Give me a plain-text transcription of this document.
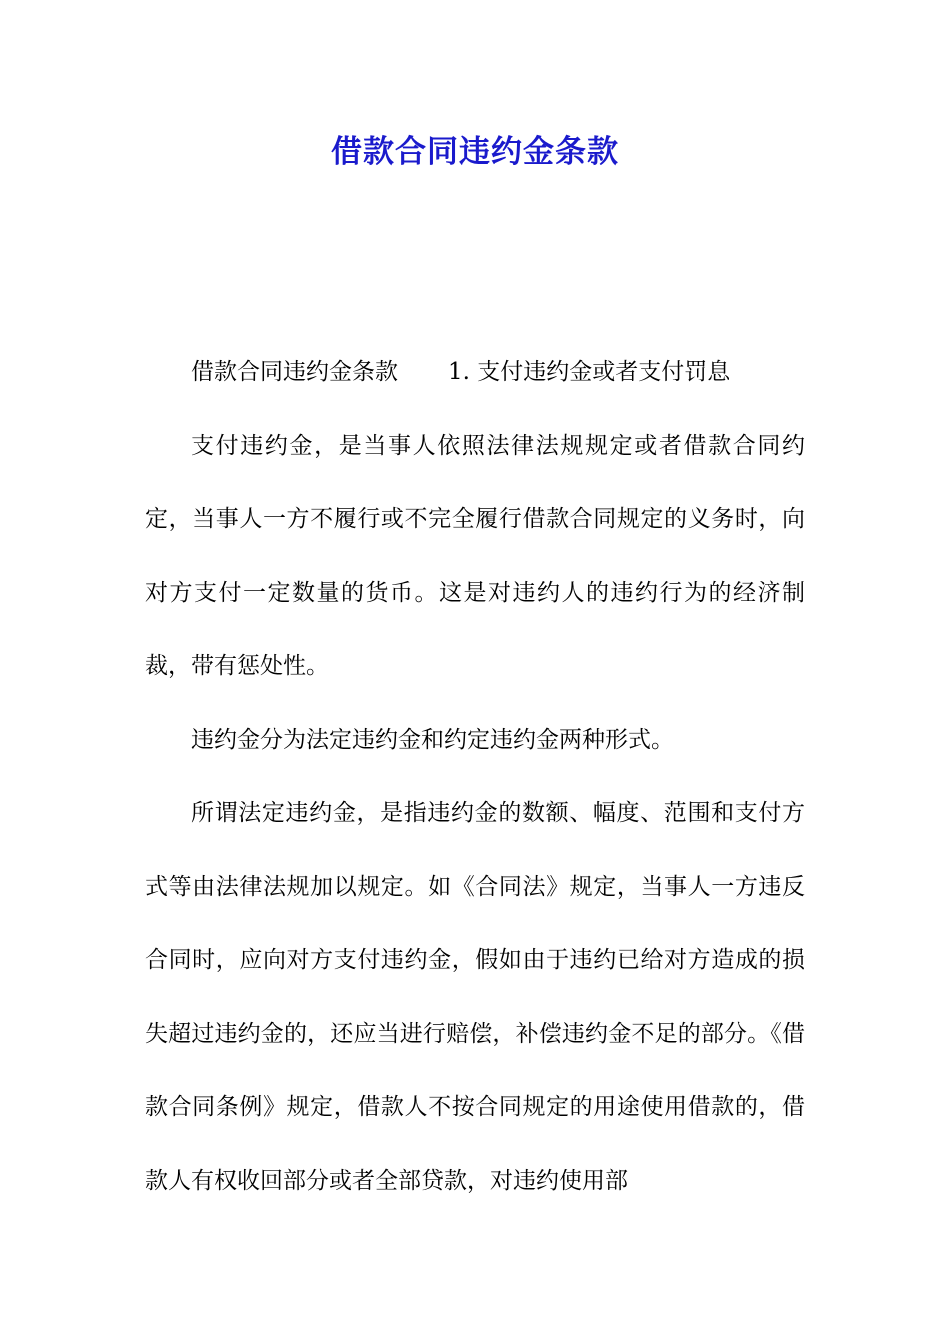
借款合同违约金条款

借款合同违约金条款 1. 支付违约金或者支付罚息

支付违约金，是当事人依照法律法规规定或者借款合同约定，当事人一方不履行或不完全履行借款合同规定的义务时，向对方支付一定数量的货币。这是对违约人的违约行为的经济制裁，带有惩处性。

违约金分为法定违约金和约定违约金两种形式。

所谓法定违约金，是指违约金的数额、幅度、范围和支付方式等由法律法规加以规定。如《合同法》规定，当事人一方违反合同时，应向对方支付违约金，假如由于违约已给对方造成的损失超过违约金的，还应当进行赔偿，补偿违约金不足的部分。《借款合同条例》规定，借款人不按合同规定的用途使用借款的，借款人有权收回部分或者全部贷款，对违约使用部
